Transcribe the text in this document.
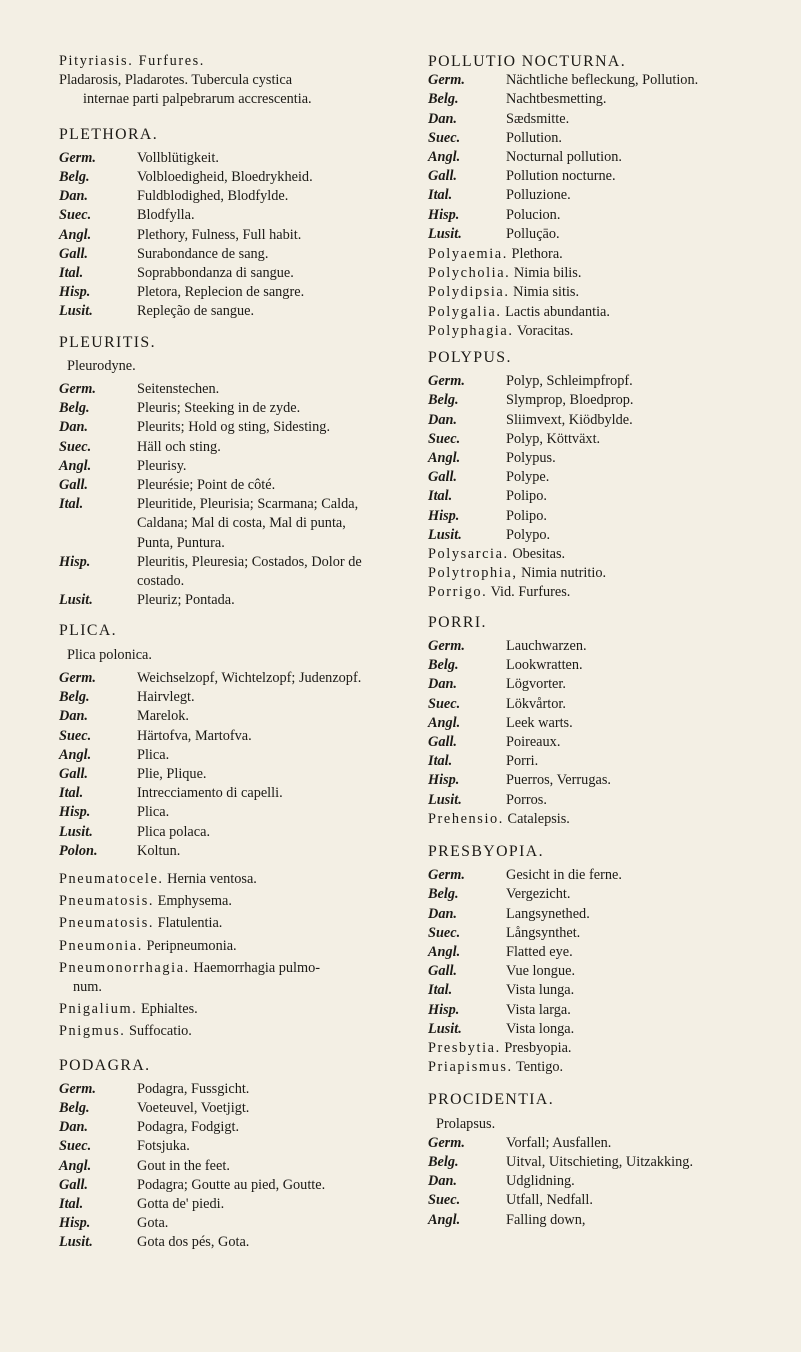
Pityriasis. Furfures.
Pladarosis, Pladarotes. Tubercula cystica
internae parti palpebrarum accrescentia.
PLETHORA.
Germ.	Vollblütigkeit.
Belg.	Volbloedigheid, Bloedrykheid.
Dan.	Fuldblodighed, Blodfylde.
Suec.	Blodfylla.
Angl.	Plethory, Fulness, Full habit.
Gall.	Surabondance de sang.
Ital.	Soprabbondanza di sangue.
Hisp.	Pletora, Replecion de sangre.
Lusit.	Repleção de sangue.
PLEURITIS.
Pleurodyne.
Germ.	Seitenstechen.
Belg.	Pleuris; Steeking in de zyde.
Dan.	Pleurits; Hold og sting, Sidesting.
Suec.	Häll och sting.
Angl.	Pleurisy.
Gall.	Pleurésie; Point de côté.
Ital.	Pleuritide, Pleurisia; Scarmana; Calda,
Caldana; Mal di costa, Mal di punta,
Punta, Puntura.
Hisp.	Pleuritis, Pleuresia; Costados, Dolor de
costado.
Lusit.	Pleuriz; Pontada.
PLICA.
Plica polonica.
Germ.	Weichselzopf, Wichtelzopf; Judenzopf.
Belg.	Hairvlegt.
Dan.	Marelok.
Suec.	Härtofva, Martofva.
Angl.	Plica.
Gall.	Plie, Plique.
Ital.	Intrecciamento di capelli.
Hisp.	Plica.
Lusit.	Plica polaca.
Polon.	Koltun.
Pneumatocele. Hernia ventosa.
Pneumatosis. Emphysema.
Pneumatosis. Flatulentia.
Pneumonia. Peripneumonia.
Pneumonorrhagia. Haemorrhagia pulmo-
num.
Pnigalium. Ephialtes.
Pnigmus. Suffocatio.
PODAGRA.
Germ.	Podagra, Fussgicht.
Belg.	Voeteuvel, Voetjigt.
Dan.	Podagra, Fodgigt.
Suec.	Fotsjuka.
Angl.	Gout in the feet.
Gall.	Podagra; Goutte au pied, Goutte.
Ital.	Gotta de' piedi.
Hisp.	Gota.
Lusit.	Gota dos pés, Gota.
POLLUTIO NOCTURNA.
Germ.	Nächtliche befleckung, Pollution.
Belg.	Nachtbesmetting.
Dan.	Sædsmitte.
Suec.	Pollution.
Angl.	Nocturnal pollution.
Gall.	Pollution nocturne.
Ital.	Polluzione.
Hisp.	Polucion.
Lusit.	Polluçāo.
Polyaemia. Plethora.
Polycholia. Nimia bilis.
Polydipsia. Nimia sitis.
Polygalia. Lactis abundantia.
Polyphagia. Voracitas.
POLYPUS.
Germ.	Polyp, Schleimpfropf.
Belg.	Slymprop, Bloedprop.
Dan.	Sliimvext, Kiödbylde.
Suec.	Polyp, Köttväxt.
Angl.	Polypus.
Gall.	Polype.
Ital.	Polipo.
Hisp.	Polipo.
Lusit.	Polypo.
Polysarcia. Obesitas.
Polytrophia, Nimia nutritio.
Porrigo. Vid. Furfures.
PORRI.
Germ.	Lauchwarzen.
Belg.	Lookwratten.
Dan.	Lögvorter.
Suec.	Lökvårtor.
Angl.	Leek warts.
Gall.	Poireaux.
Ital.	Porri.
Hisp.	Puerros, Verrugas.
Lusit.	Porros.
Prehensio. Catalepsis.
PRESBYOPIA.
Germ.	Gesicht in die ferne.
Belg.	Vergezicht.
Dan.	Langsynethed.
Suec.	Långsynthet.
Angl.	Flatted eye.
Gall.	Vue longue.
Ital.	Vista lunga.
Hisp.	Vista larga.
Lusit.	Vista longa.
Presbytia. Presbyopia.
Priapismus. Tentigo.
PROCIDENTIA.
Prolapsus.
Germ.	Vorfall; Ausfallen.
Belg.	Uitval, Uitschieting, Uitzakking.
Dan.	Udglidning.
Suec.	Utfall, Nedfall.
Angl.	Falling down,
